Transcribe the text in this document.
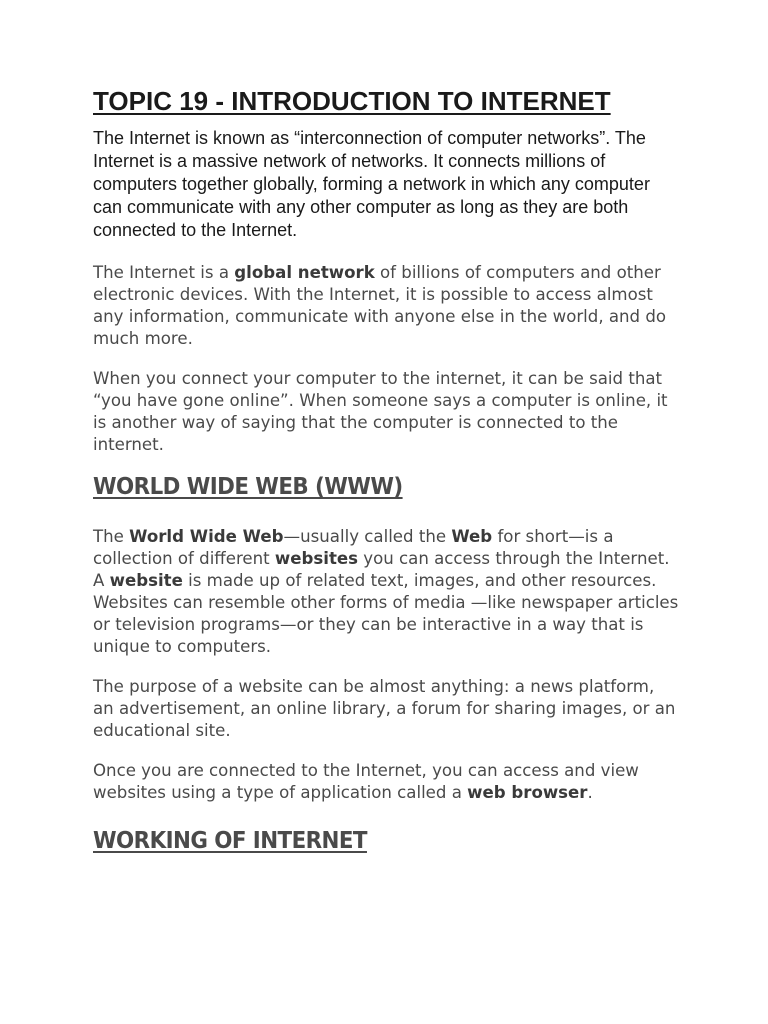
TOPIC 19 - INTRODUCTION TO INTERNET

The Internet is known as “interconnection of computer networks”. The Internet is a massive network of networks. It connects millions of computers together globally, forming a network in which any computer can communicate with any other computer as long as they are both connected to the Internet.

The Internet is a global network of billions of computers and other electronic devices. With the Internet, it is possible to access almost any information, communicate with anyone else in the world, and do much more.

When you connect your computer to the internet, it can be said that “you have gone online”. When someone says a computer is online, it is another way of saying that the computer is connected to the internet.

WORLD WIDE WEB (WWW)

The World Wide Web—usually called the Web for short—is a collection of different websites you can access through the Internet. A website is made up of related text, images, and other resources. Websites can resemble other forms of media —like newspaper articles or television programs—or they can be interactive in a way that is unique to computers.

The purpose of a website can be almost anything: a news platform, an advertisement, an online library, a forum for sharing images, or an educational site.

Once you are connected to the Internet, you can access and view websites using a type of application called a web browser.

WORKING OF INTERNET
